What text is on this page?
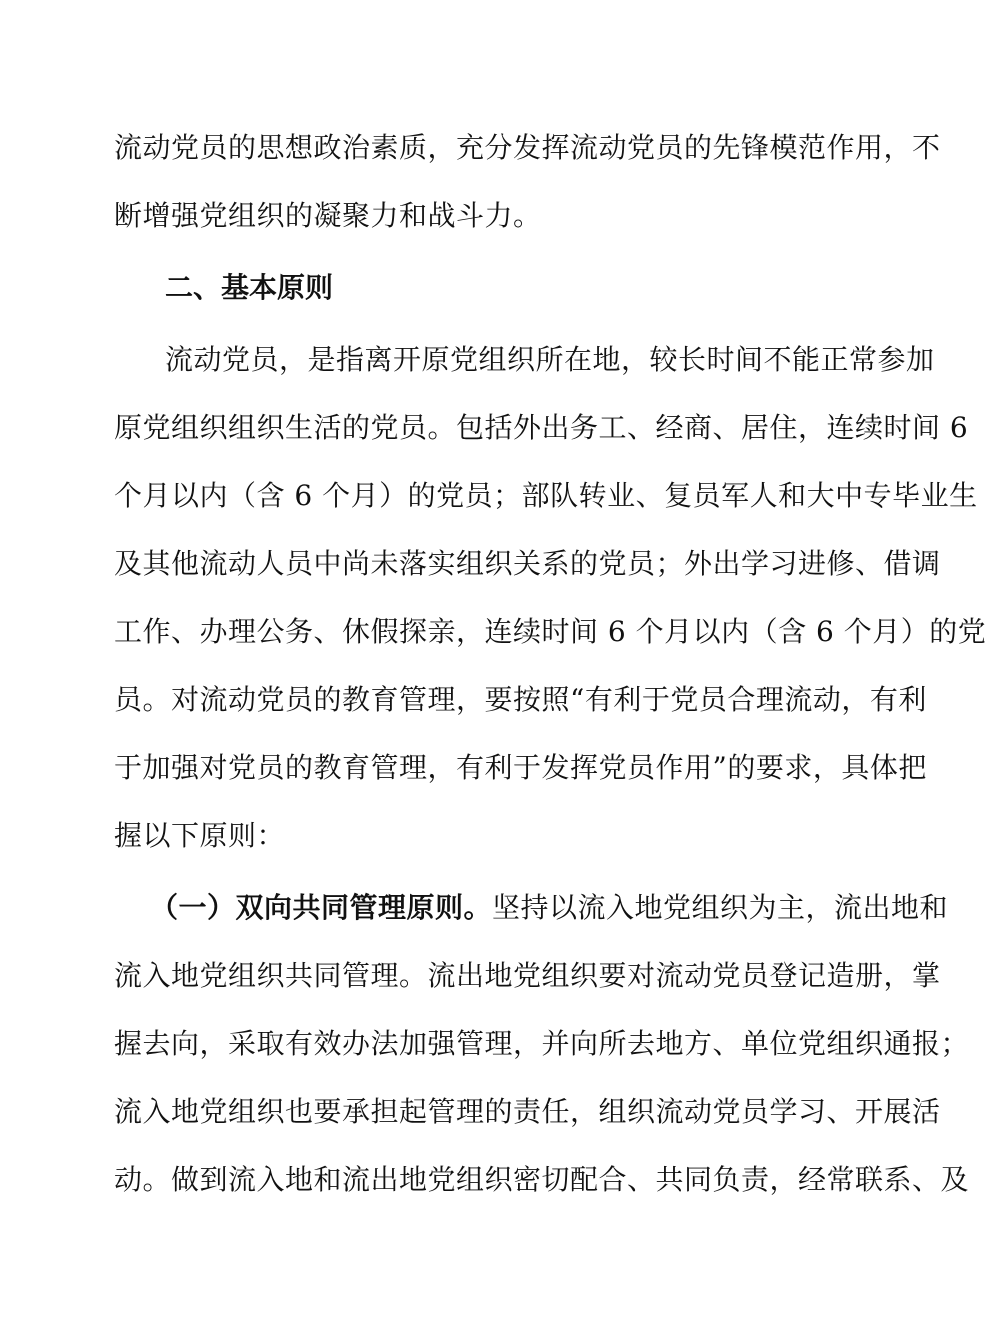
流动党员的思想政治素质，充分发挥流动党员的先锋模范作用，不
断增强党组织的凝聚力和战斗力。
二、基本原则
流动党员，是指离开原党组织所在地，较长时间不能正常参加
原党组织组织生活的党员。包括外出务工、经商、居住，连续时间 6
个月以内（含 6 个月）的党员；部队转业、复员军人和大中专毕业生
及其他流动人员中尚未落实组织关系的党员；外出学习进修、借调
工作、办理公务、休假探亲，连续时间 6 个月以内（含 6 个月）的党
员。对流动党员的教育管理，要按照“有利于党员合理流动，有利
于加强对党员的教育管理，有利于发挥党员作用”的要求，具体把
握以下原则：
（一）双向共同管理原则。坚持以流入地党组织为主，流出地和
流入地党组织共同管理。流出地党组织要对流动党员登记造册，掌
握去向，采取有效办法加强管理，并向所去地方、单位党组织通报；
流入地党组织也要承担起管理的责任，组织流动党员学习、开展活
动。做到流入地和流出地党组织密切配合、共同负责，经常联系、及
